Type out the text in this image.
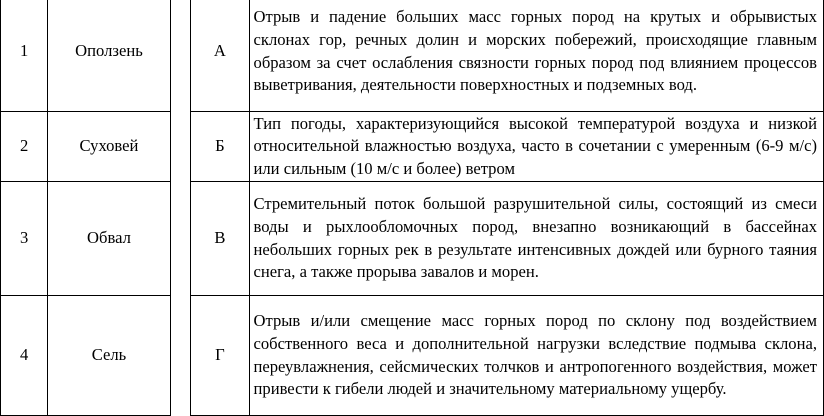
1	Оползень		А	Отрыв и падение больших масс горных пород на крутых и обрывистых склонах гор, речных долин и морских побережий, происходящие главным образом за счет ослабления связности горных пород под влиянием процессов выветривания, деятельности поверхностных и подземных вод.
2	Суховей		Б	Тип погоды, характеризующийся высокой температурой воздуха и низкой относительной влажностью воздуха, часто в сочетании с умеренным (6-9 м/с) или сильным (10 м/с и более) ветром
3	Обвал		В	Стремительный поток большой разрушительной силы, состоящий из смеси воды и рыхлообломочных пород, внезапно возникающий в бассейнах небольших горных рек в результате интенсивных дождей или бурного таяния снега, а также прорыва завалов и морен.
4	Сель		Г	Отрыв и/или смещение масс горных пород по склону под воздействием собственного веса и дополнительной нагрузки вследствие подмыва склона, переувлажнения, сейсмических толчков и антропогенного воздействия, может привести к гибели людей и значительному материальному ущербу.
